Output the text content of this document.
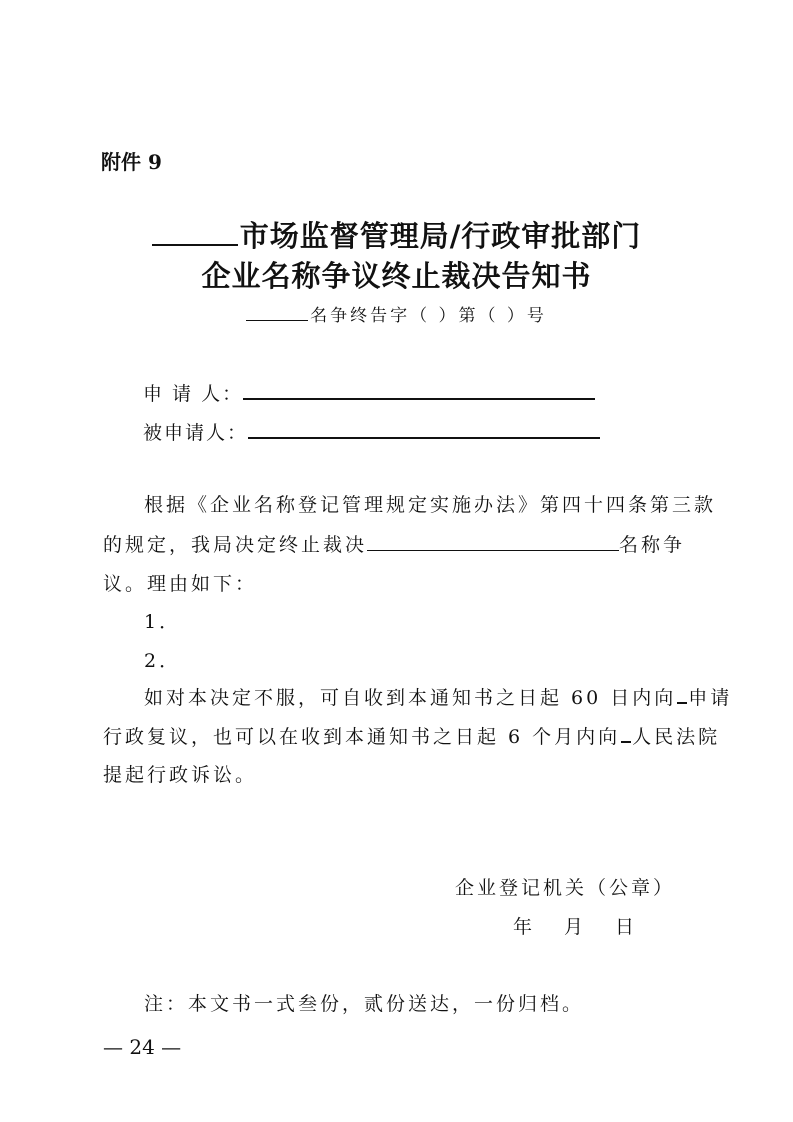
附件 9
市场监督管理局/行政审批部门
企业名称争议终止裁决告知书
名争终告字（ ）第（ ）号
申 请 人：
被申请人：
根据《企业名称登记管理规定实施办法》第四十四条第三款
的规定，我局决定终止裁决	名称争
议。理由如下：
1．
2．
如对本决定不服，可自收到本通知书之日起 60 日内向 申请
行政复议，也可以在收到本通知书之日起 6 个月内向 人民法院
提起行政诉讼。
企业登记机关（公章）
年 月 日
注：本文书一式叁份，贰份送达，一份归档。
— 24 —
